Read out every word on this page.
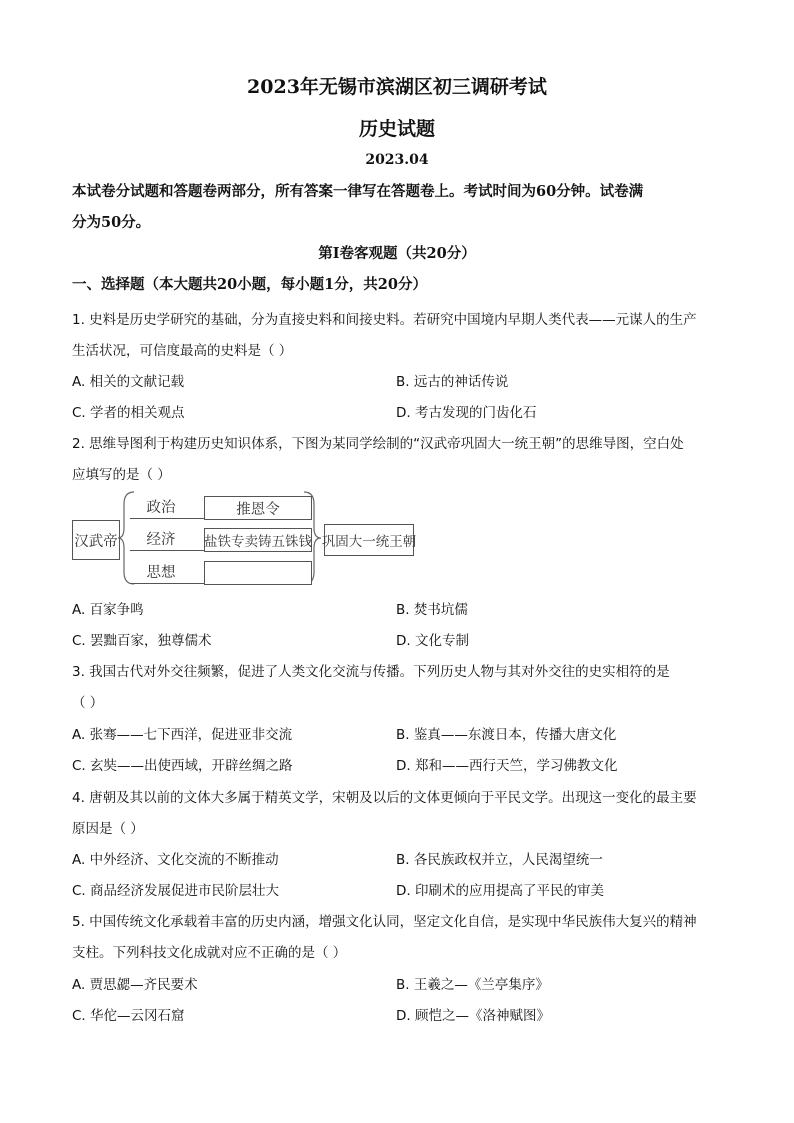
2023年无锡市滨湖区初三调研考试
历史试题
2023.04
本试卷分试题和答题卷两部分，所有答案一律写在答题卷上。考试时间为60分钟。试卷满
分为50分。
第Ⅰ卷客观题（共20分）
一、选择题（本大题共20小题，每小题1分，共20分）
1. 史料是历史学研究的基础，分为直接史料和间接史料。若研究中国境内早期人类代表——元谋人的生产
生活状况，可信度最高的史料是（ ）
A. 相关的文献记载	B. 远古的神话传说
C. 学者的相关观点	D. 考古发现的门齿化石
2. 思维导图利于构建历史知识体系，下图为某同学绘制的“汉武帝巩固大一统王朝”的思维导图，空白处
应填写的是（ ）
汉武帝
政治	推恩令
经济	盐铁专卖铸五铢钱
思想
巩固大一统王朝
A. 百家争鸣	B. 焚书坑儒
C. 罢黜百家，独尊儒术	D. 文化专制
3. 我国古代对外交往频繁，促进了人类文化交流与传播。下列历史人物与其对外交往的史实相符的是
（ ）
A. 张骞——七下西洋，促进亚非交流	B. 鉴真——东渡日本，传播大唐文化
C. 玄奘——出使西域，开辟丝绸之路	D. 郑和——西行天竺，学习佛教文化
4. 唐朝及其以前的文体大多属于精英文学，宋朝及以后的文体更倾向于平民文学。出现这一变化的最主要
原因是（ ）
A. 中外经济、文化交流的不断推动	B. 各民族政权并立，人民渴望统一
C. 商品经济发展促进市民阶层壮大	D. 印刷术的应用提高了平民的审美
5. 中国传统文化承载着丰富的历史内涵，增强文化认同，坚定文化自信，是实现中华民族伟大复兴的精神
支柱。下列科技文化成就对应不正确的是（ ）
A. 贾思勰—齐民要术	B. 王羲之—《兰亭集序》
C. 华佗—云冈石窟	D. 顾恺之—《洛神赋图》
